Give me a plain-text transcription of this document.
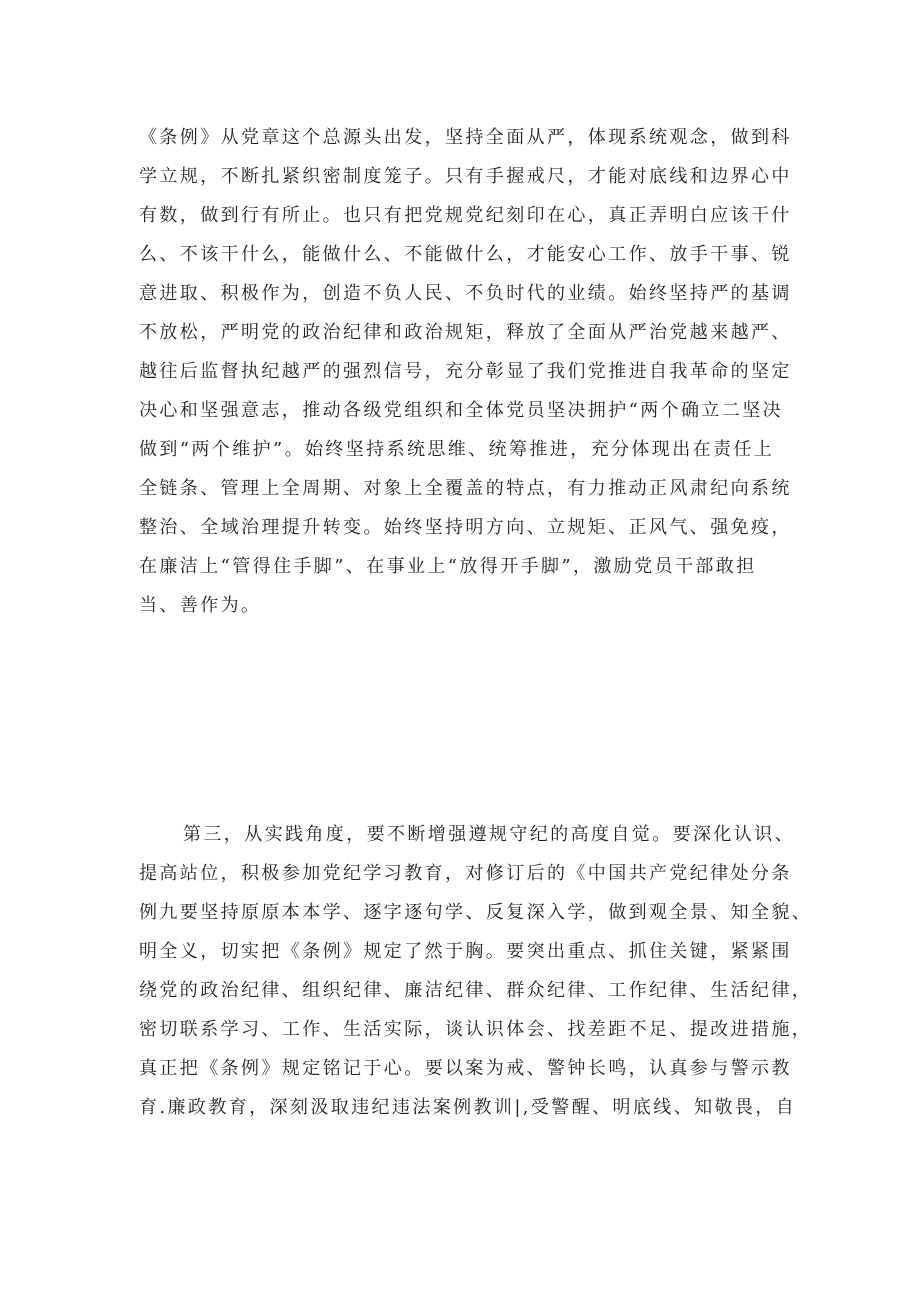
《条例》从党章这个总源头出发，坚持全面从严，体现系统观念，做到科
学立规，不断扎紧织密制度笼子。只有手握戒尺，才能对底线和边界心中
有数，做到行有所止。也只有把党规党纪刻印在心，真正弄明白应该干什
么、不该干什么，能做什么、不能做什么，才能安心工作、放手干事、锐
意进取、积极作为，创造不负人民、不负时代的业绩。始终坚持严的基调
不放松，严明党的政治纪律和政治规矩，释放了全面从严治党越来越严、
越往后监督执纪越严的强烈信号，充分彰显了我们党推进自我革命的坚定
决心和坚强意志，推动各级党组织和全体党员坚决拥护“两个确立二坚决
做到“两个维护”。始终坚持系统思维、统筹推进，充分体现出在责任上
全链条、管理上全周期、对象上全覆盖的特点，有力推动正风肃纪向系统
整治、全域治理提升转变。始终坚持明方向、立规矩、正风气、强免疫，
在廉洁上“管得住手脚”、在事业上“放得开手脚”，激励党员干部敢担
当、善作为。

第三，从实践角度，要不断增强遵规守纪的高度自觉。要深化认识、
提高站位，积极参加党纪学习教育，对修订后的《中国共产党纪律处分条
例九要坚持原原本本学、逐字逐句学、反复深入学，做到观全景、知全貌、
明全义，切实把《条例》规定了然于胸。要突出重点、抓住关键，紧紧围
绕党的政治纪律、组织纪律、廉洁纪律、群众纪律、工作纪律、生活纪律，
密切联系学习、工作、生活实际，谈认识体会、找差距不足、提改进措施，
真正把《条例》规定铭记于心。要以案为戒、警钟长鸣，认真参与警示教
育.廉政教育，深刻汲取违纪违法案例教训|,受警醒、明底线、知敬畏，自
